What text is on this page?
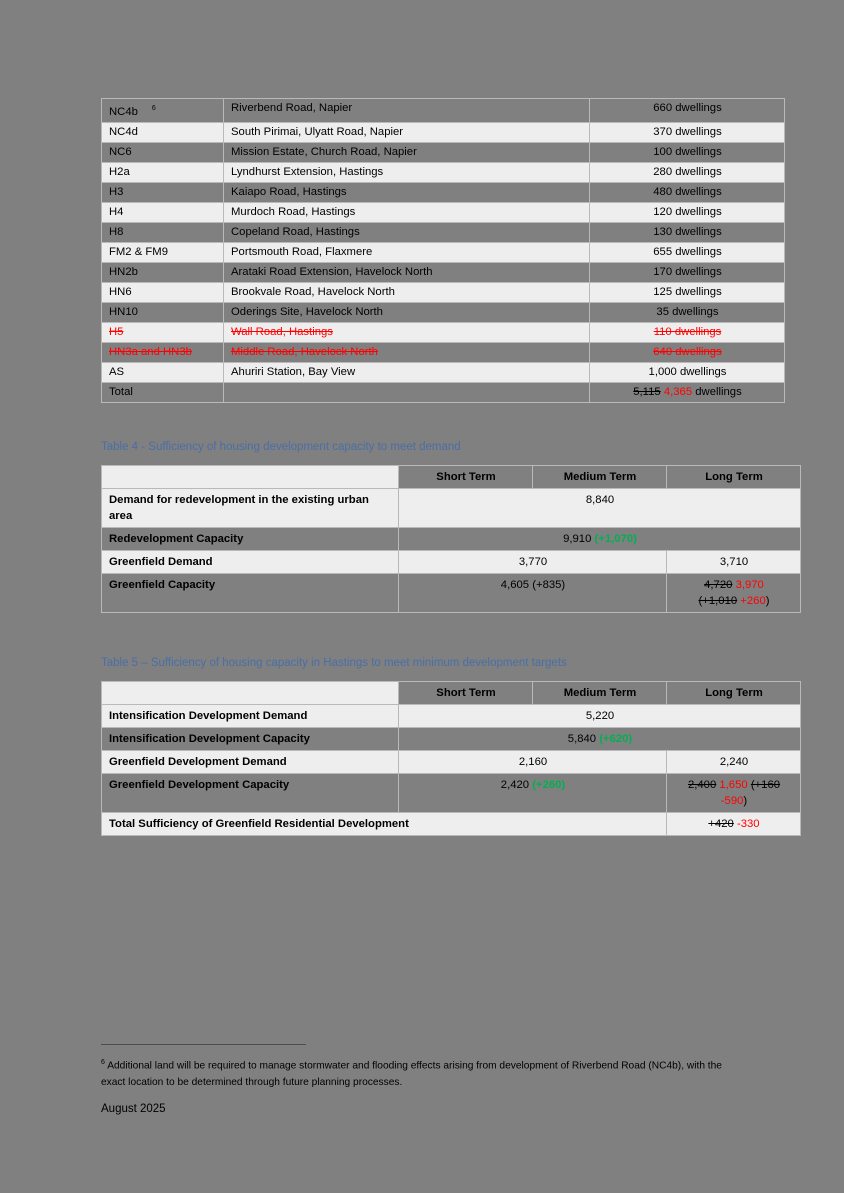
NC4b $^6$	Riverbend Road, Napier	660 dwellings
NC4d	South Pirimai, Ulyatt Road, Napier	370 dwellings
NC6	Mission Estate, Church Road, Napier	100 dwellings
H2a	Lyndhurst Extension, Hastings	280 dwellings
H3	Kaiapo Road, Hastings	480 dwellings
H4	Murdoch Road, Hastings	120 dwellings
H8	Copeland Road, Hastings	130 dwellings
FM2 & FM9	Portsmouth Road, Flaxmere	655 dwellings
HN2b	Arataki Road Extension, Havelock North	170 dwellings
HN6	Brookvale Road, Havelock North	125 dwellings
HN10	Oderings Site, Havelock North	35 dwellings
H5	Wall Road, Hastings	110 dwellings
HN3a and HN3b	Middle Road, Havelock North	640 dwellings
AS	Ahuriri Station, Bay View	1,000 dwellings
Total		5,115 4,365 dwellings

Table 4 - Sufficiency of housing development capacity to meet demand

	Short Term	Medium Term	Long Term
Demand for redevelopment in the existing urban area	8,840		
Redevelopment Capacity	9,910 (+1,070)		
Greenfield Demand	3,770		3,710
Greenfield Capacity	4,605 (+835)		4,720 3,970
(+1,010 +260)

Table 5 – Sufficiency of housing capacity in Hastings to meet minimum development targets

	Short Term	Medium Term	Long Term
Intensification Development Demand	5,220		
Intensification Development Capacity	5,840 (+620)		
Greenfield Development Demand	2,160		2,240
Greenfield Development Capacity	2,420 (+260)		2,400 1,650 (+160
-590)
Total Sufficiency of Greenfield Residential Development			+420 -330
$^6$ Additional land will be required to manage stormwater and flooding effects arising from development of Riverbend Road (NC4b), with the exact location to be determined through future planning processes.
August 2025
